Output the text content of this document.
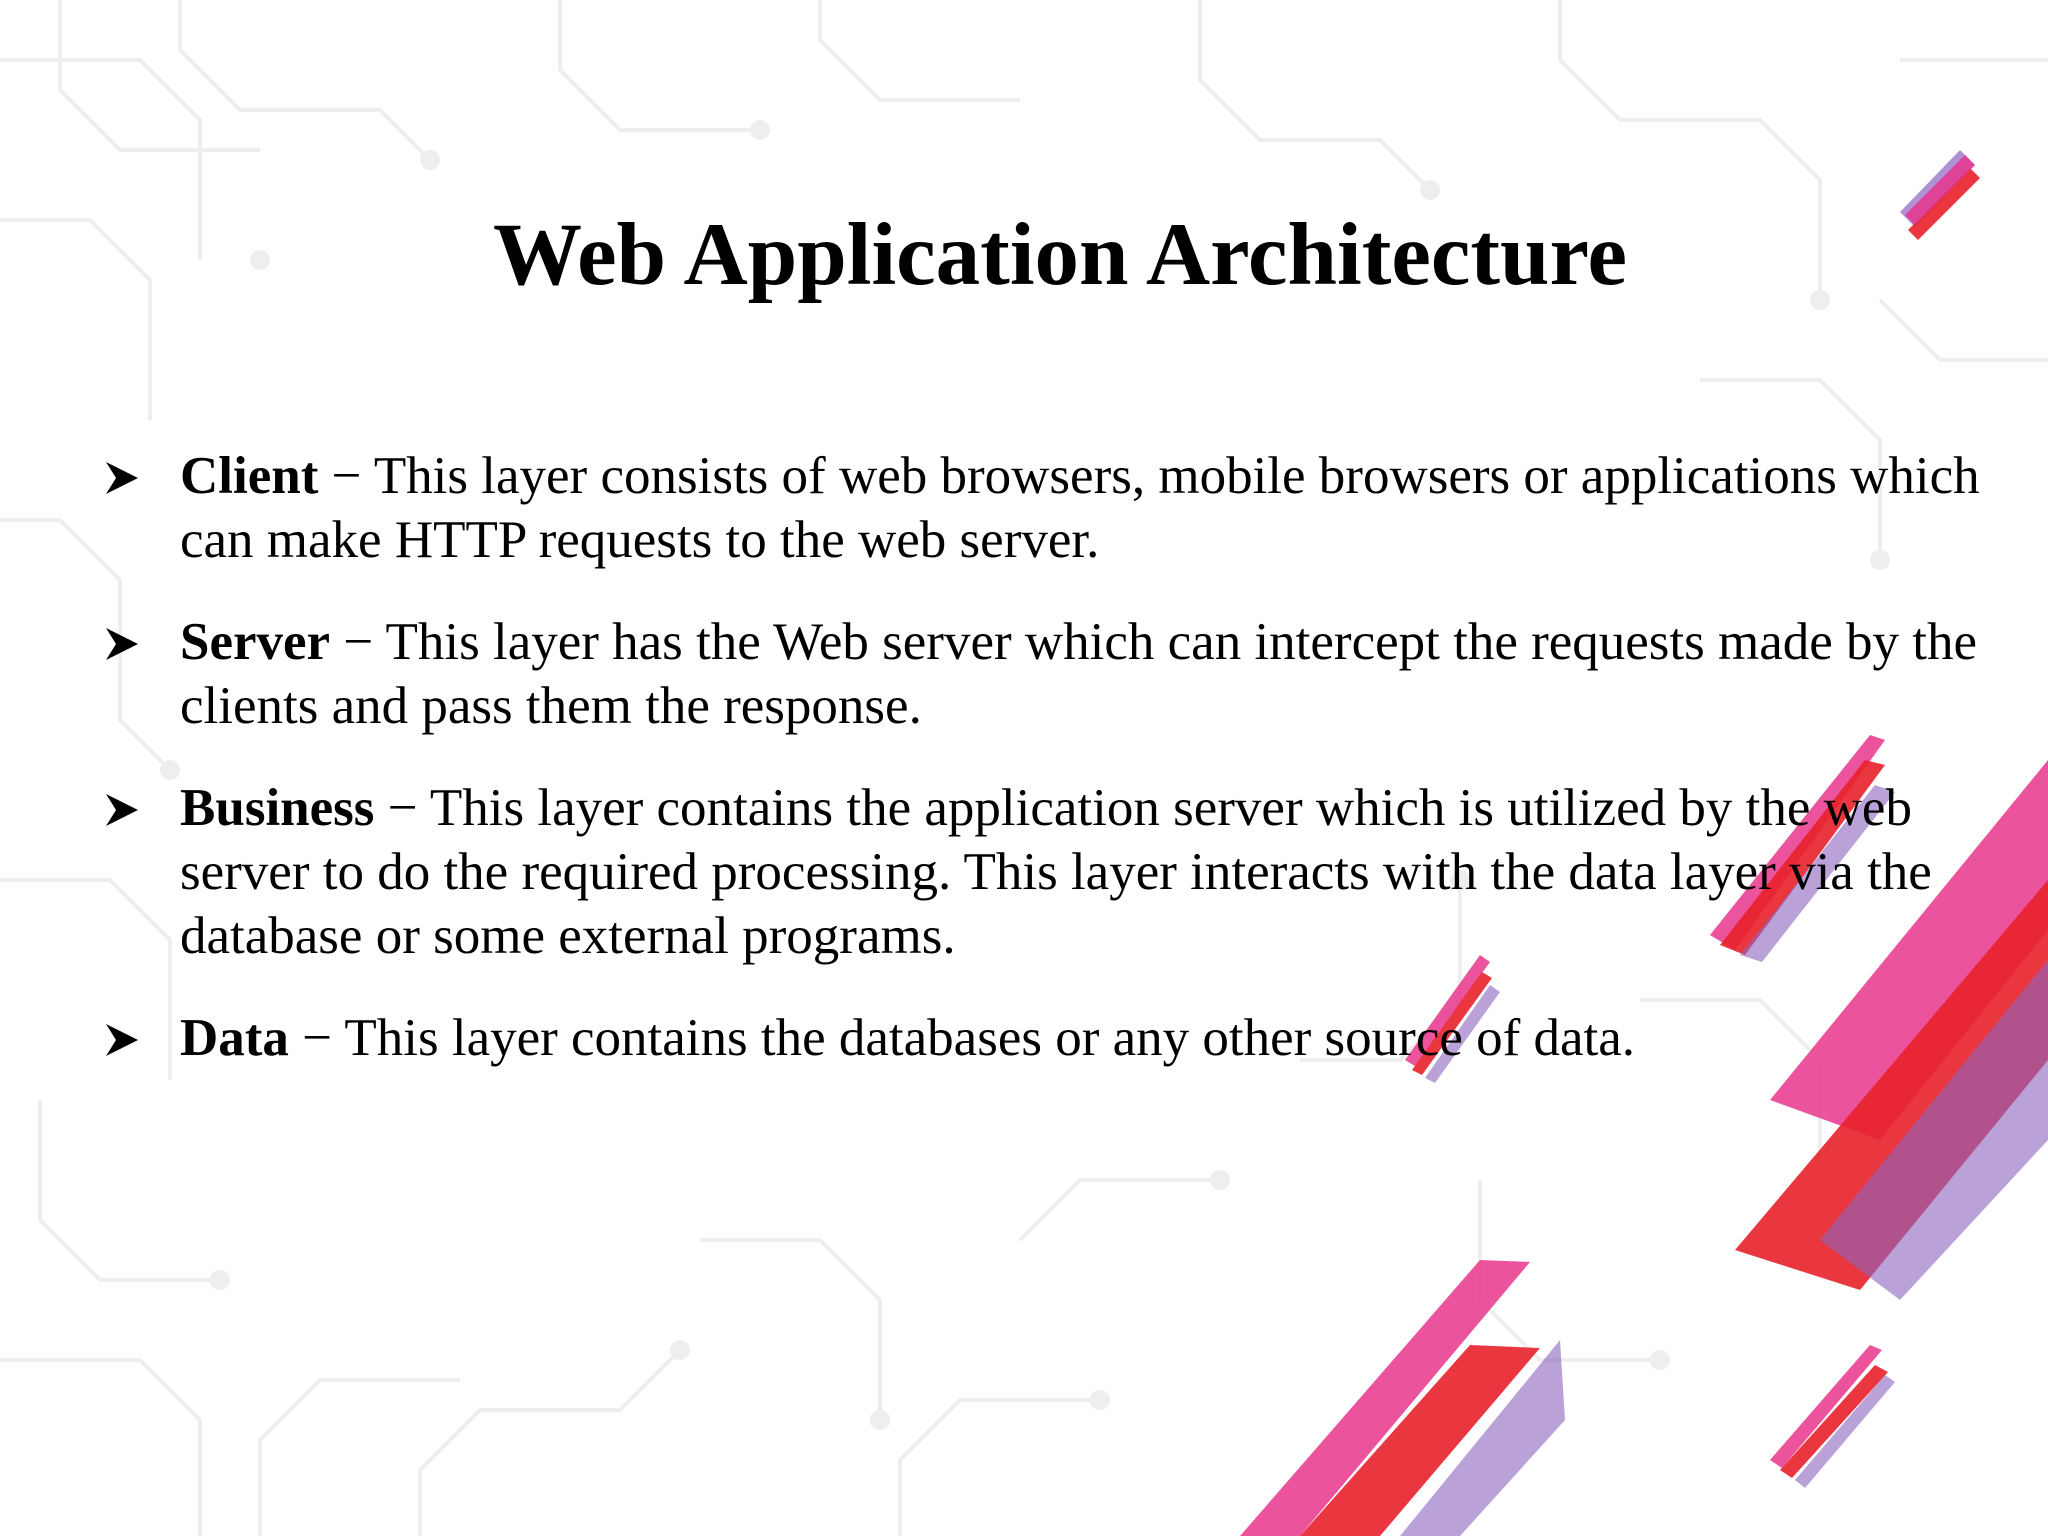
Web Application Architecture
Client − This layer consists of web browsers, mobile browsers or applications which can make HTTP requests to the web server.
Server − This layer has the Web server which can intercept the requests made by the clients and pass them the response.
Business − This layer contains the application server which is utilized by the web server to do the required processing. This layer interacts with the data layer via the database or some external programs.
Data − This layer contains the databases or any other source of data.
